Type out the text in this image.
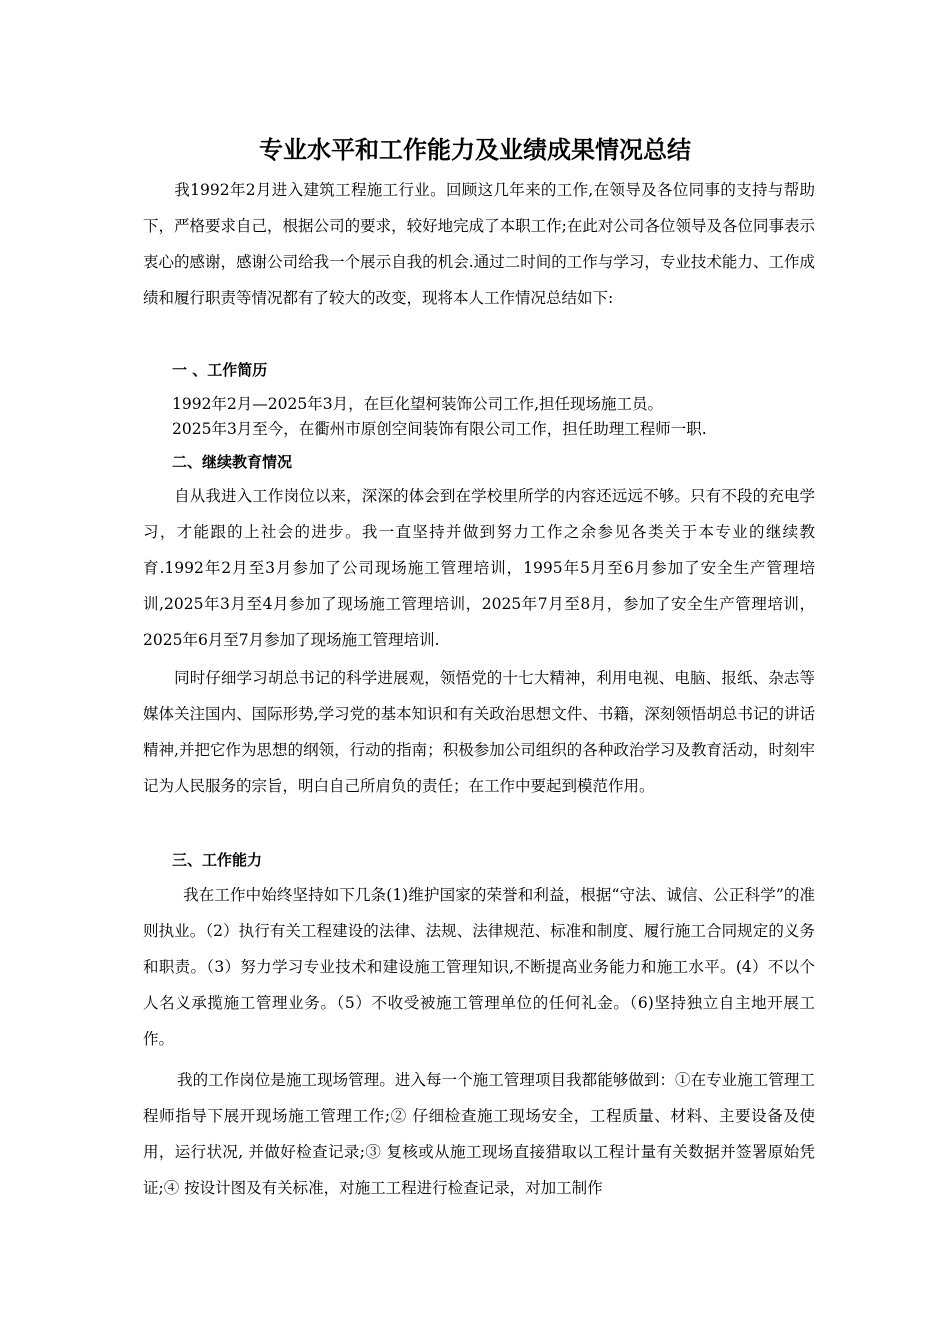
专业水平和工作能力及业绩成果情况总结
我1992年2月进入建筑工程施工行业。回顾这几年来的工作,在领导及各位同事的支持与帮助下，严格要求自己，根据公司的要求，较好地完成了本职工作;在此对公司各位领导及各位同事表示衷心的感谢，感谢公司给我一个展示自我的机会.通过二时间的工作与学习，专业技术能力、工作成绩和履行职责等情况都有了较大的改变，现将本人工作情况总结如下:
一 、工作简历
1992年2月—2025年3月，在巨化望柯装饰公司工作,担任现场施工员。
2025年3月至今，在衢州市原创空间装饰有限公司工作，担任助理工程师一职.
二、继续教育情况
自从我进入工作岗位以来，深深的体会到在学校里所学的内容还远远不够。只有不段的充电学习，才能跟的上社会的进步。我一直坚持并做到努力工作之余参见各类关于本专业的继续教育.1992年2月至3月参加了公司现场施工管理培训，1995年5月至6月参加了安全生产管理培训,2025年3月至4月参加了现场施工管理培训，2025年7月至8月，参加了安全生产管理培训，2025年6月至7月参加了现场施工管理培训.
同时仔细学习胡总书记的科学进展观，领悟党的十七大精神，利用电视、电脑、报纸、杂志等媒体关注国内、国际形势,学习党的基本知识和有关政治思想文件、书籍，深刻领悟胡总书记的讲话精神,并把它作为思想的纲领，行动的指南；积极参加公司组织的各种政治学习及教育活动，时刻牢记为人民服务的宗旨，明白自己所肩负的责任；在工作中要起到模范作用。
三、工作能力
我在工作中始终坚持如下几条(1)维护国家的荣誉和利益，根据“守法、诚信、公正科学”的准则执业。（2）执行有关工程建设的法律、法规、法律规范、标准和制度、履行施工合同规定的义务和职责。（3）努力学习专业技术和建设施工管理知识,不断提高业务能力和施工水平。(4）不以个人名义承揽施工管理业务。（5）不收受被施工管理单位的任何礼金。（6)坚持独立自主地开展工作。
我的工作岗位是施工现场管理。进入每一个施工管理项目我都能够做到：①在专业施工管理工程师指导下展开现场施工管理工作;② 仔细检查施工现场安全，工程质量、材料、主要设备及使用，运行状况, 并做好检查记录;③ 复核或从施工现场直接猎取以工程计量有关数据并签署原始凭证;④ 按设计图及有关标准，对施工工程进行检查记录，对加工制作
